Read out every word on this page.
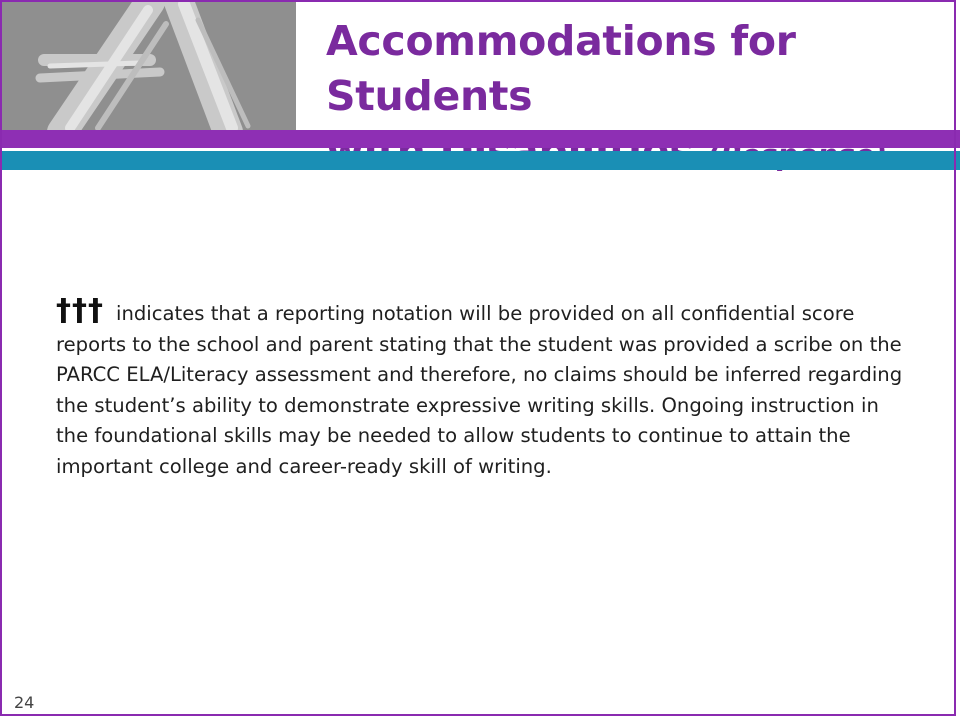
Accommodations for Students

††† indicates that a reporting notation will be provided on all confidential score reports to the school and parent stating that the student was provided a scribe on the PARCC ELA/Literacy assessment and therefore, no claims should be inferred regarding the student’s ability to demonstrate expressive writing skills. Ongoing instruction in the foundational skills may be needed to allow students to continue to attain the important college and career-ready skill of writing.

24
